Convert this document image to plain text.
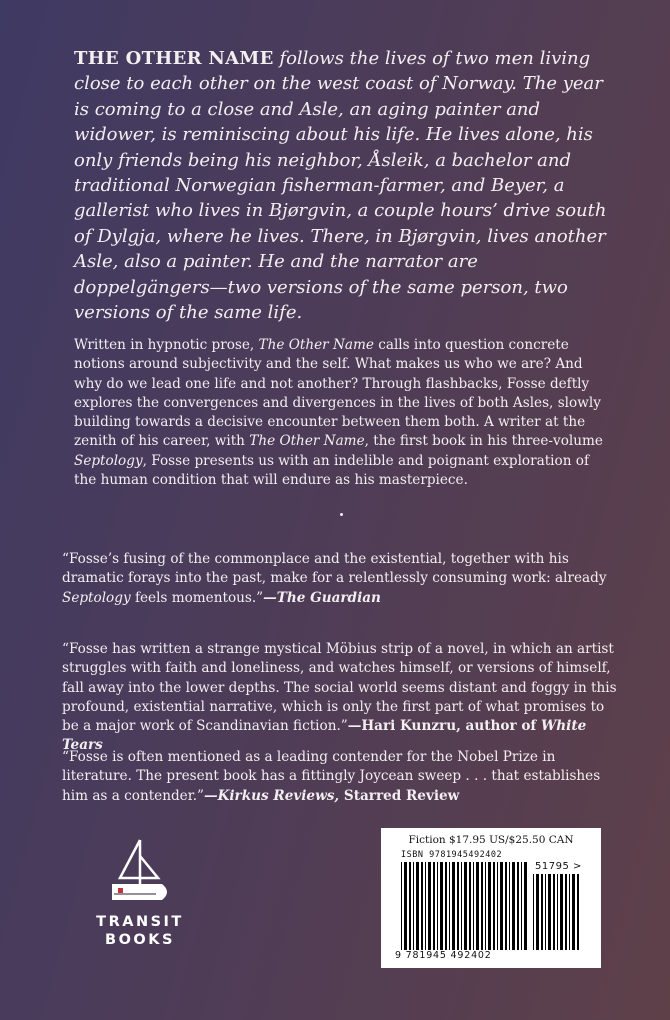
THE OTHER NAME follows the lives of two men living close to each other on the west coast of Norway. The year is coming to a close and Asle, an aging painter and widower, is reminiscing about his life. He lives alone, his only friends being his neighbor, Åsleik, a bachelor and traditional Norwegian fisherman-farmer, and Beyer, a gallerist who lives in Bjørgvin, a couple hours’ drive south of Dylgja, where he lives. There, in Bjørgvin, lives another Asle, also a painter. He and the narrator are doppelgängers—two versions of the same person, two versions of the same life.

Written in hypnotic prose, The Other Name calls into question concrete notions around subjectivity and the self. What makes us who we are? And why do we lead one life and not another? Through flashbacks, Fosse deftly explores the convergences and divergences in the lives of both Asles, slowly building towards a decisive encounter between them both. A writer at the zenith of his career, with The Other Name, the first book in his three-volume Septology, Fosse presents us with an indelible and poignant exploration of the human condition that will endure as his masterpiece.

“Fosse’s fusing of the commonplace and the existential, together with his dramatic forays into the past, make for a relentlessly consuming work: already Septology feels momentous.”—The Guardian

“Fosse has written a strange mystical Möbius strip of a novel, in which an artist struggles with faith and loneliness, and watches himself, or versions of himself, fall away into the lower depths. The social world seems distant and foggy in this profound, existential narrative, which is only the first part of what promises to be a major work of Scandinavian fiction.”—Hari Kunzru, author of White Tears

“Fosse is often mentioned as a leading contender for the Nobel Prize in literature. The present book has a fittingly Joycean sweep . . . that establishes him as a contender.”—Kirkus Reviews, Starred Review

TRANSIT
BOOKS
Fiction $17.95 US/$25.50 CAN
ISBN 9781945492402
51795 >
9 781945 492402
